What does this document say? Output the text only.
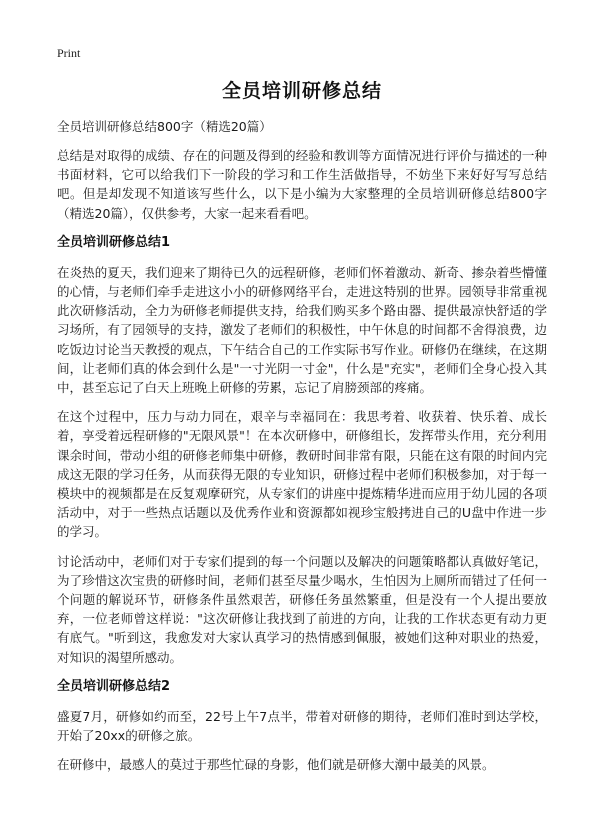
Print
全员培训研修总结
全员培训研修总结800字（精选20篇）

总结是对取得的成绩、存在的问题及得到的经验和教训等方面情况进行评价与描述的一种书面材料，它可以给我们下一阶段的学习和工作生活做指导，不妨坐下来好好写写总结吧。但是却发现不知道该写些什么，以下是小编为大家整理的全员培训研修总结800字（精选20篇），仅供参考，大家一起来看看吧。

全员培训研修总结1

在炎热的夏天，我们迎来了期待已久的远程研修，老师们怀着激动、新奇、掺杂着些懵懂的心情，与老师们牵手走进这小小的研修网络平台，走进这特别的世界。园领导非常重视此次研修活动，全力为研修老师提供支持，给我们购买多个路由器、提供最凉快舒适的学习场所，有了园领导的支持，激发了老师们的积极性，中午休息的时间都不舍得浪费，边吃饭边讨论当天教授的观点，下午结合自己的工作实际书写作业。研修仍在继续，在这期间，让老师们真的体会到什么是"一寸光阴一寸金"，什么是"充实"，老师们全身心投入其中，甚至忘记了白天上班晚上研修的劳累，忘记了肩膀颈部的疼痛。

在这个过程中，压力与动力同在，艰辛与幸福同在：我思考着、收获着、快乐着、成长着，享受着远程研修的"无限风景"！在本次研修中，研修组长，发挥带头作用，充分利用课余时间，带动小组的研修老师集中研修，教研时间非常有限，只能在这有限的时间内完成这无限的学习任务，从而获得无限的专业知识，研修过程中老师们积极参加，对于每一模块中的视频都是在反复观摩研究，从专家们的讲座中提炼精华进而应用于幼儿园的各项活动中，对于一些热点话题以及优秀作业和资源都如视珍宝般拷进自己的U盘中作进一步的学习。

讨论活动中，老师们对于专家们提到的每一个问题以及解决的问题策略都认真做好笔记，为了珍惜这次宝贵的研修时间，老师们甚至尽量少喝水，生怕因为上厕所而错过了任何一个问题的解说环节，研修条件虽然艰苦，研修任务虽然繁重，但是没有一个人提出要放弃，一位老师曾这样说："这次研修让我找到了前进的方向，让我的工作状态更有动力更有底气。"听到这，我愈发对大家认真学习的热情感到佩服，被她们这种对职业的热爱，对知识的渴望所感动。

全员培训研修总结2

盛夏7月，研修如约而至，22号上午7点半，带着对研修的期待，老师们准时到达学校，开始了20xx的研修之旅。

在研修中，最感人的莫过于那些忙碌的身影，他们就是研修大潮中最美的风景。
